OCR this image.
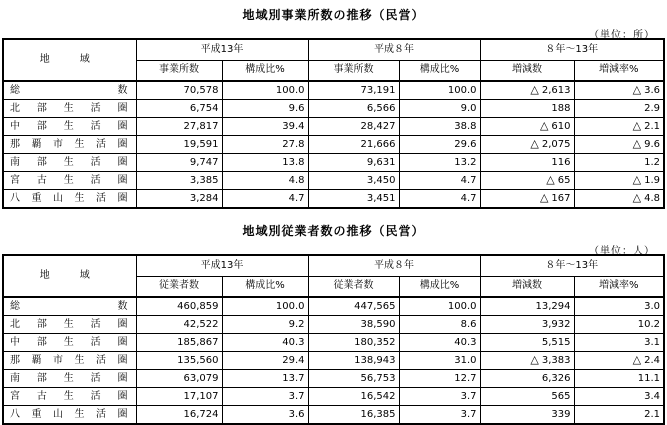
地域別事業所数の推移（民営）
（単位：所）
地　域	平成13年		平成８年		８年〜13年	
	事業所数	構成比%	事業所数	構成比%	増減数	増減率%
総数	70,578	100.0	73,191	100.0	△ 2,613	△ 3.6
北部生活圏	6,754	9.6	6,566	9.0	188	2.9
中部生活圏	27,817	39.4	28,427	38.8	△ 610	△ 2.1
那覇市生活圏	19,591	27.8	21,666	29.6	△ 2,075	△ 9.6
南部生活圏	9,747	13.8	9,631	13.2	116	1.2
宮古生活圏	3,385	4.8	3,450	4.7	△ 65	△ 1.9
八重山生活圏	3,284	4.7	3,451	4.7	△ 167	△ 4.8
地域別従業者数の推移（民営）
（単位：人）
地　域	平成13年		平成８年		８年〜13年	
	従業者数	構成比%	従業者数	構成比%	増減数	増減率%
総数	460,859	100.0	447,565	100.0	13,294	3.0
北部生活圏	42,522	9.2	38,590	8.6	3,932	10.2
中部生活圏	185,867	40.3	180,352	40.3	5,515	3.1
那覇市生活圏	135,560	29.4	138,943	31.0	△ 3,383	△ 2.4
南部生活圏	63,079	13.7	56,753	12.7	6,326	11.1
宮古生活圏	17,107	3.7	16,542	3.7	565	3.4
八重山生活圏	16,724	3.6	16,385	3.7	339	2.1
